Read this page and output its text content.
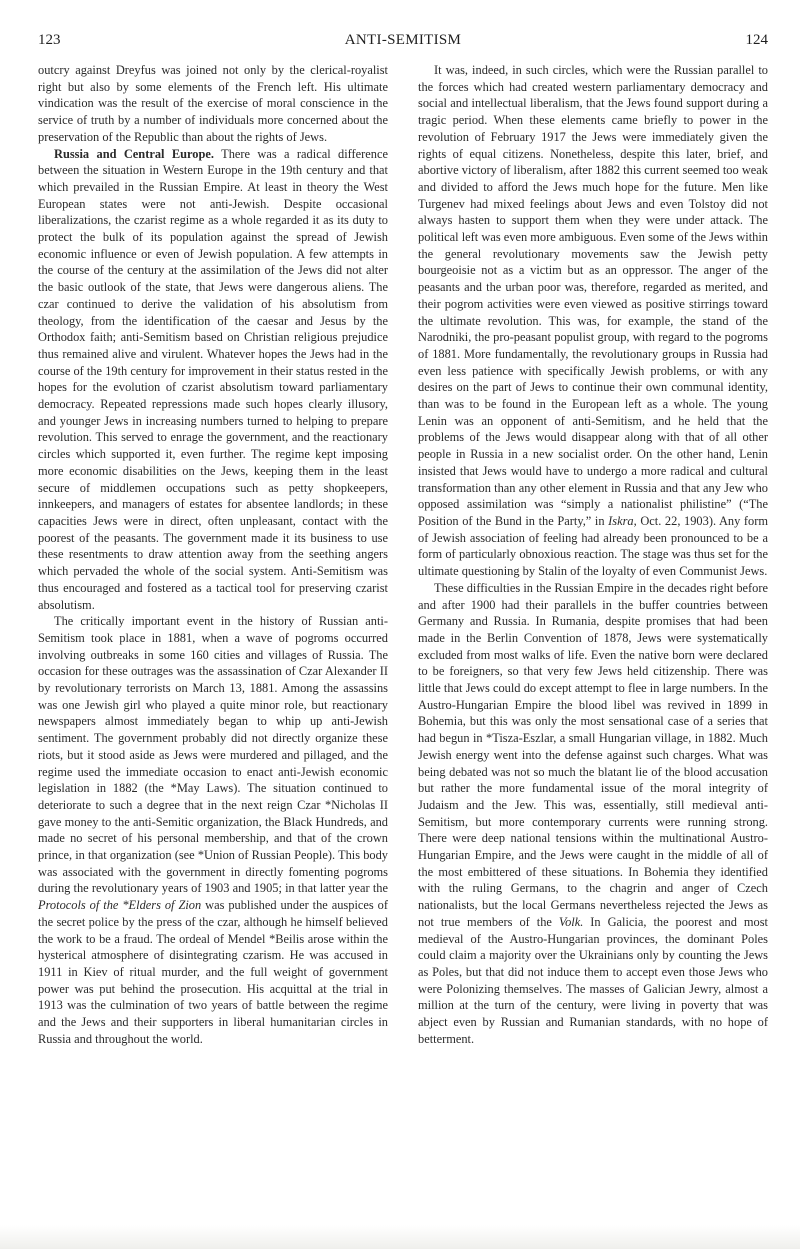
123	ANTI-SEMITISM	124

outcry against Dreyfus was joined not only by the clerical-royalist right but also by some elements of the French left. His ultimate vindication was the result of the exercise of moral conscience in the service of truth by a number of individuals more concerned about the preservation of the Republic than about the rights of Jews.

Russia and Central Europe. There was a radical difference between the situation in Western Europe in the 19th century and that which prevailed in the Russian Empire. At least in theory the West European states were not anti-Jewish. Despite occasional liberalizations, the czarist regime as a whole regarded it as its duty to protect the bulk of its population against the spread of Jewish economic influence or even of Jewish population. A few attempts in the course of the century at the assimilation of the Jews did not alter the basic outlook of the state, that Jews were dangerous aliens. The czar continued to derive the validation of his absolutism from theology, from the identification of the caesar and Jesus by the Orthodox faith; anti-Semitism based on Christian religious prejudice thus remained alive and virulent. Whatever hopes the Jews had in the course of the 19th century for improvement in their status rested in the hopes for the evolution of czarist absolutism toward parliamentary democracy. Repeated repressions made such hopes clearly illusory, and younger Jews in increasing numbers turned to helping to prepare revolution. This served to enrage the government, and the reactionary circles which supported it, even further. The regime kept imposing more economic disabilities on the Jews, keeping them in the least secure of middlemen occupations such as petty shopkeepers, innkeepers, and managers of estates for absentee landlords; in these capacities Jews were in direct, often unpleasant, contact with the poorest of the peasants. The government made it its business to use these resentments to draw attention away from the seething angers which pervaded the whole of the social system. Anti-Semitism was thus encouraged and fostered as a tactical tool for preserving czarist absolutism.

The critically important event in the history of Russian anti-Semitism took place in 1881, when a wave of pogroms occurred involving outbreaks in some 160 cities and villages of Russia. The occasion for these outrages was the assassination of Czar Alexander II by revolutionary terrorists on March 13, 1881. Among the assassins was one Jewish girl who played a quite minor role, but reactionary newspapers almost immediately began to whip up anti-Jewish sentiment. The government probably did not directly organize these riots, but it stood aside as Jews were murdered and pillaged, and the regime used the immediate occasion to enact anti-Jewish economic legislation in 1882 (the *May Laws). The situation continued to deteriorate to such a degree that in the next reign Czar *Nicholas II gave money to the anti-Semitic organization, the Black Hundreds, and made no secret of his personal membership, and that of the crown prince, in that organization (see *Union of Russian People). This body was associated with the government in directly fomenting pogroms during the revolutionary years of 1903 and 1905; in that latter year the Protocols of the *Elders of Zion was published under the auspices of the secret police by the press of the czar, although he himself believed the work to be a fraud. The ordeal of Mendel *Beilis arose within the hysterical atmosphere of disintegrating czarism. He was accused in 1911 in Kiev of ritual murder, and the full weight of government power was put behind the prosecution. His acquittal at the trial in 1913 was the culmination of two years of battle between the regime and the Jews and their supporters in liberal humanitarian circles in Russia and throughout the world.

It was, indeed, in such circles, which were the Russian parallel to the forces which had created western parliamentary democracy and social and intellectual liberalism, that the Jews found support during a tragic period. When these elements came briefly to power in the revolution of February 1917 the Jews were immediately given the rights of equal citizens. Nonetheless, despite this later, brief, and abortive victory of liberalism, after 1882 this current seemed too weak and divided to afford the Jews much hope for the future. Men like Turgenev had mixed feelings about Jews and even Tolstoy did not always hasten to support them when they were under attack. The political left was even more ambiguous. Even some of the Jews within the general revolutionary movements saw the Jewish petty bourgeoisie not as a victim but as an oppressor. The anger of the peasants and the urban poor was, therefore, regarded as merited, and their pogrom activities were even viewed as positive stirrings toward the ultimate revolution. This was, for example, the stand of the Narodniki, the pro-peasant populist group, with regard to the pogroms of 1881. More fundamentally, the revolutionary groups in Russia had even less patience with specifically Jewish problems, or with any desires on the part of Jews to continue their own communal identity, than was to be found in the European left as a whole. The young Lenin was an opponent of anti-Semitism, and he held that the problems of the Jews would disappear along with that of all other people in Russia in a new socialist order. On the other hand, Lenin insisted that Jews would have to undergo a more radical and cultural transformation than any other element in Russia and that any Jew who opposed assimilation was “simply a nationalist philistine” (“The Position of the Bund in the Party,” in Iskra, Oct. 22, 1903). Any form of Jewish association of feeling had already been pronounced to be a form of particularly obnoxious reaction. The stage was thus set for the ultimate questioning by Stalin of the loyalty of even Communist Jews.

These difficulties in the Russian Empire in the decades right before and after 1900 had their parallels in the buffer countries between Germany and Russia. In Rumania, despite promises that had been made in the Berlin Convention of 1878, Jews were systematically excluded from most walks of life. Even the native born were declared to be foreigners, so that very few Jews held citizenship. There was little that Jews could do except attempt to flee in large numbers. In the Austro-Hungarian Empire the blood libel was revived in 1899 in Bohemia, but this was only the most sensational case of a series that had begun in *Tisza-Eszlar, a small Hungarian village, in 1882. Much Jewish energy went into the defense against such charges. What was being debated was not so much the blatant lie of the blood accusation but rather the more fundamental issue of the moral integrity of Judaism and the Jew. This was, essentially, still medieval anti-Semitism, but more contemporary currents were running strong. There were deep national tensions within the multinational Austro-Hungarian Empire, and the Jews were caught in the middle of all of the most embittered of these situations. In Bohemia they identified with the ruling Germans, to the chagrin and anger of Czech nationalists, but the local Germans nevertheless rejected the Jews as not true members of the Volk. In Galicia, the poorest and most medieval of the Austro-Hungarian provinces, the dominant Poles could claim a majority over the Ukrainians only by counting the Jews as Poles, but that did not induce them to accept even those Jews who were Polonizing themselves. The masses of Galician Jewry, almost a million at the turn of the century, were living in poverty that was abject even by Russian and Rumanian standards, with no hope of betterment.
